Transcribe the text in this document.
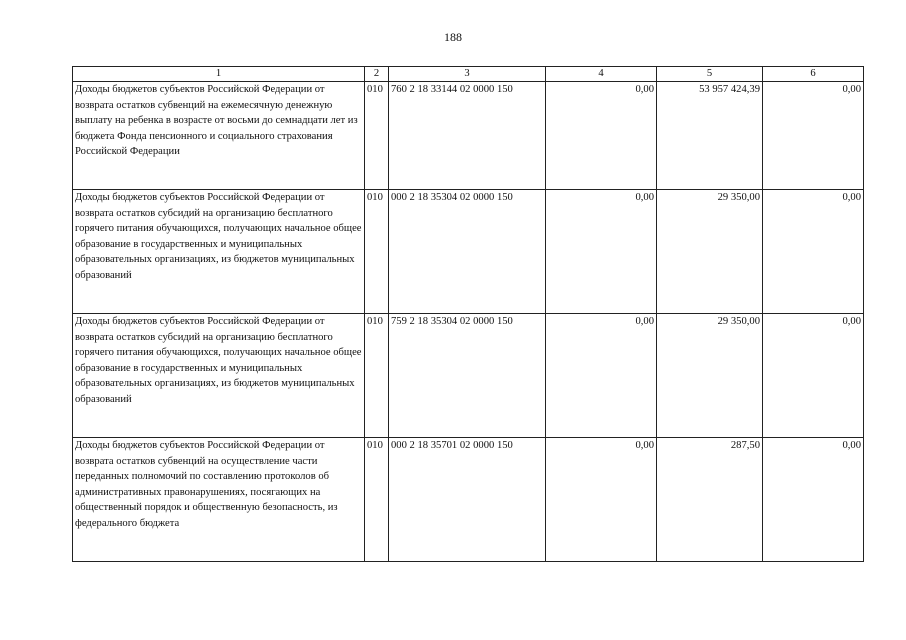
188
1	2	3	4	5	6
Доходы бюджетов субъектов Российской Федерации от возврата остатков субвенций на ежемесячную денежную выплату на ребенка в возрасте от восьми до семнадцати лет из бюджета Фонда пенсионного и социального страхования Российской Федерации	010	760 2 18 33144 02 0000 150	0,00	53 957 424,39	0,00
Доходы бюджетов субъектов Российской Федерации от возврата остатков субсидий на организацию бесплатного горячего питания обучающихся, получающих начальное общее образование в государственных и муниципальных образовательных организациях, из бюджетов муниципальных образований	010	000 2 18 35304 02 0000 150	0,00	29 350,00	0,00
Доходы бюджетов субъектов Российской Федерации от возврата остатков субсидий на организацию бесплатного горячего питания обучающихся, получающих начальное общее образование в государственных и муниципальных образовательных организациях, из бюджетов муниципальных образований	010	759 2 18 35304 02 0000 150	0,00	29 350,00	0,00
Доходы бюджетов субъектов Российской Федерации от возврата остатков субвенций на осуществление части переданных полномочий по составлению протоколов об административных правонарушениях, посягающих на общественный порядок и общественную безопасность, из федерального бюджета	010	000 2 18 35701 02 0000 150	0,00	287,50	0,00
